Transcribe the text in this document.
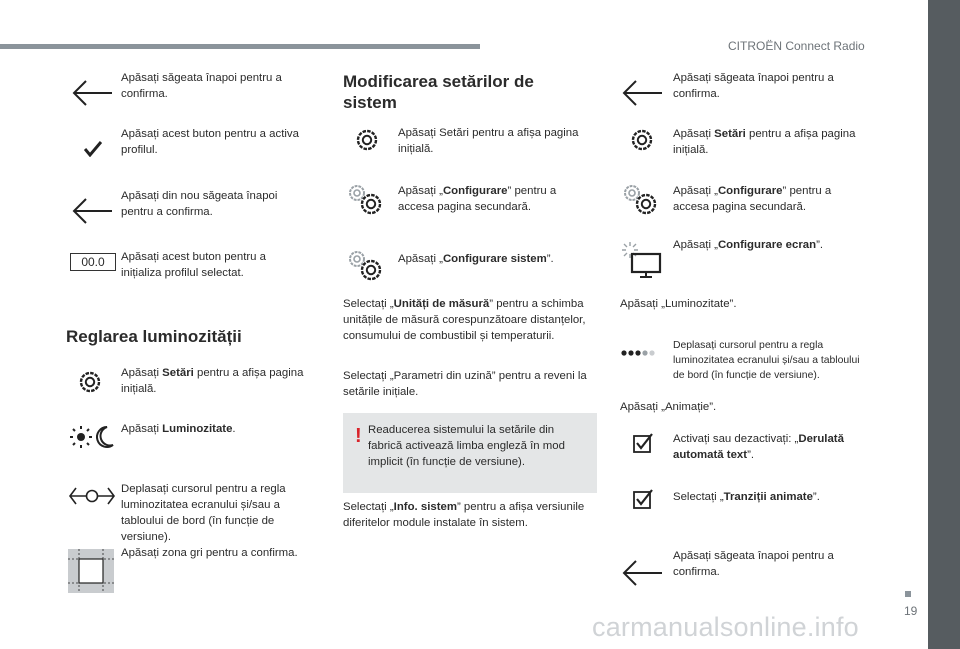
CITROËN Connect Radio
19
carmanualsonline.info
Apăsați săgeata înapoi pentru a confirma.
Apăsați acest buton pentru a activa profilul.
Apăsați din nou săgeata înapoi pentru a confirma.
00.0	Apăsați acest buton pentru a inițializa profilul selectat.
Reglarea luminozității
Apăsați Setări pentru a afișa pagina inițială.
Apăsați Luminozitate.
Deplasați cursorul pentru a regla luminozitatea ecranului și/sau a tabloului de bord (în funcție de versiune).
Apăsați zona gri pentru a confirma.
Modificarea setărilor de sistem
Apăsați Setări pentru a afișa pagina inițială.
Apăsați „Configurare” pentru a accesa pagina secundară.
Apăsați „Configurare sistem”.
Selectați „Unități de măsură” pentru a schimba unitățile de măsură corespunzătoare distanțelor, consumului de combustibil și temperaturii.
Selectați „Parametri din uzină” pentru a reveni la setările inițiale.
! Readucerea sistemului la setările din fabrică activează limba engleză în mod implicit (în funcție de versiune).
Selectați „Info. sistem” pentru a afișa versiunile diferitelor module instalate în sistem.
Apăsați săgeata înapoi pentru a confirma.
Apăsați Setări pentru a afișa pagina inițială.
Apăsați „Configurare” pentru a accesa pagina secundară.
Apăsați „Configurare ecran”.
Apăsați „Luminozitate”.
Deplasați cursorul pentru a regla luminozitatea ecranului și/sau a tabloului de bord (în funcție de versiune).
Apăsați „Animație”.
Activați sau dezactivați: „Derulată automată text”.
Selectați „Tranziții animate”.
Apăsați săgeata înapoi pentru a confirma.
